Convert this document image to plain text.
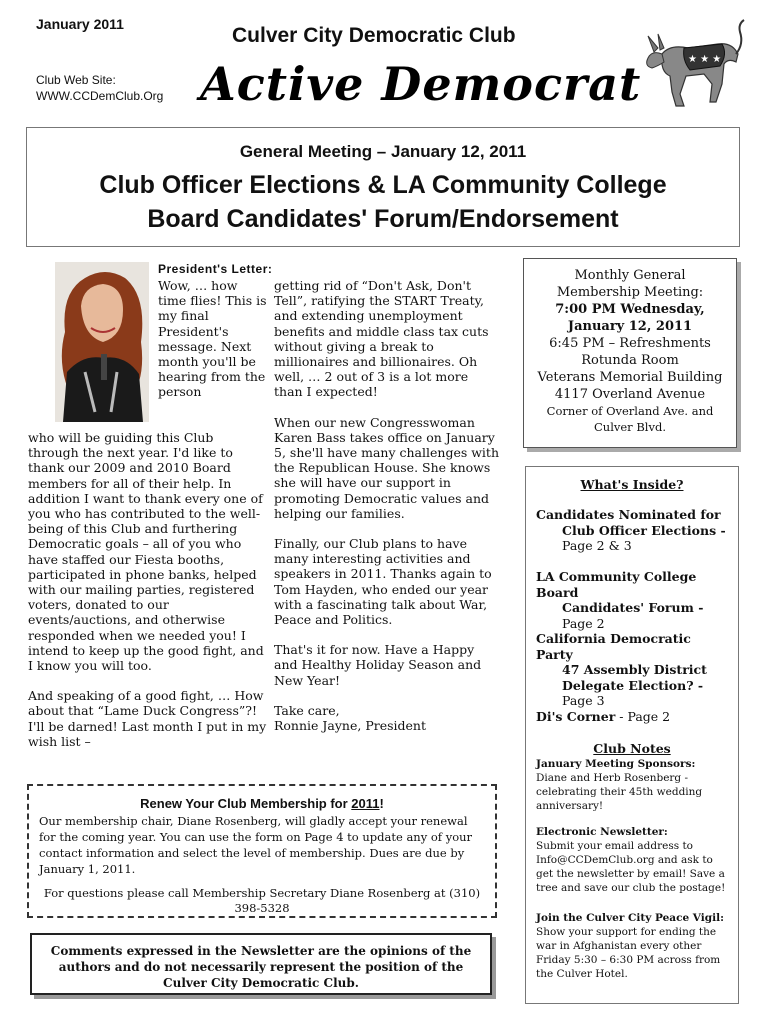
January 2011	Culver City Democratic Club
Club Web Site:
WWW.CCDemClub.Org Active Democrat	★ ★ ★
General Meeting – January 12, 2011
Club Officer Elections & LA Community College
Board Candidates' Forum/Endorsement
President's Letter:
Wow, … how time flies! This is my final President's message. Next month you'll be hearing from the person

who will be guiding this Club through the next year. I'd like to thank our 2009 and 2010 Board members for all of their help. In addition I want to thank every one of you who has contributed to the well-being of this Club and furthering Democratic goals – all of you who have staffed our Fiesta booths, participated in phone banks, helped with our mailing parties, registered voters, donated to our events/auctions, and otherwise responded when we needed you! I intend to keep up the good fight, and I know you will too.

And speaking of a good fight, … How about that “Lame Duck Congress”?! I'll be darned! Last month I put in my wish list –

getting rid of “Don't Ask, Don't Tell”, ratifying the START Treaty, and extending unemployment benefits and middle class tax cuts without giving a break to millionaires and billionaires. Oh well, … 2 out of 3 is a lot more than I expected!

When our new Congresswoman Karen Bass takes office on January 5, she'll have many challenges with the Republican House. She knows she will have our support in promoting Democratic values and helping our families.

Finally, our Club plans to have many interesting activities and speakers in 2011. Thanks again to Tom Hayden, who ended our year with a fascinating talk about War, Peace and Politics.

That's it for now. Have a Happy and Healthy Holiday Season and New Year!

Take care,
Ronnie Jayne, President
Renew Your Club Membership for 2011!
Our membership chair, Diane Rosenberg, will gladly accept your renewal for the coming year. You can use the form on Page 4 to update any of your contact information and select the level of membership. Dues are due by January 1, 2011.
For questions please call Membership Secretary Diane Rosenberg at (310) 398-5328
Comments expressed in the Newsletter are the opinions of the authors and do not necessarily represent the position of the Culver City Democratic Club.
Monthly General Membership Meeting:
7:00 PM Wednesday,
January 12, 2011
6:45 PM – Refreshments
Rotunda Room
Veterans Memorial Building
4117 Overland Avenue
Corner of Overland Ave. and Culver Blvd.
What's Inside?
Candidates Nominated for
Club Officer Elections -
Page 2 & 3
LA Community College Board
Candidates' Forum -
Page 2
California Democratic Party
47 Assembly District
Delegate Election? -
Page 3
Di's Corner - Page 2
Club Notes
January Meeting Sponsors:
Diane and Herb Rosenberg - celebrating their 45th wedding anniversary!
Electronic Newsletter:
Submit your email address to Info@CCDemClub.org and ask to get the newsletter by email! Save a tree and save our club the postage!
Join the Culver City Peace Vigil:
Show your support for ending the war in Afghanistan every other Friday 5:30 – 6:30 PM across from the Culver Hotel.
